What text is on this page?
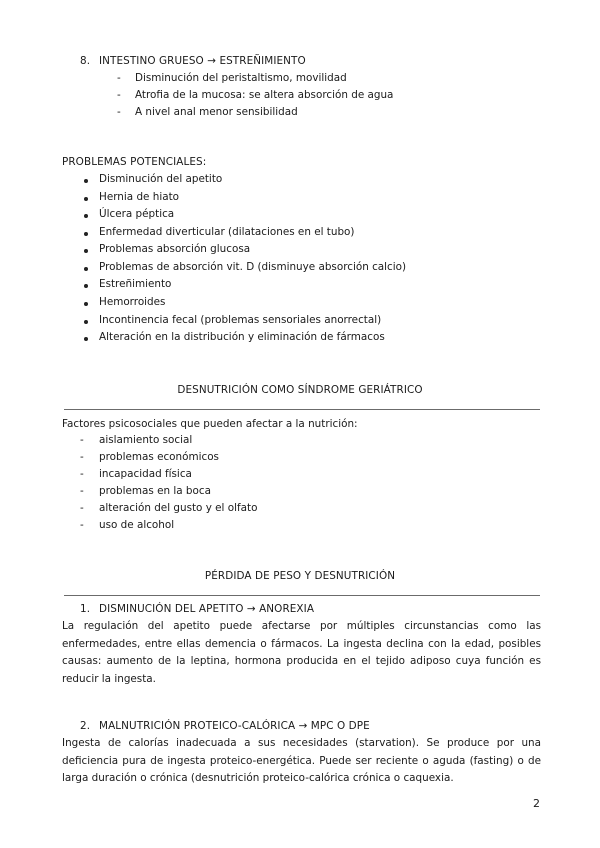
8. INTESTINO GRUESO → ESTREÑIMIENTO
- Disminución del peristaltismo, movilidad
- Atrofia de la mucosa: se altera absorción de agua
- A nivel anal menor sensibilidad
PROBLEMAS POTENCIALES:
Disminución del apetito
Hernia de hiato
Úlcera péptica
Enfermedad diverticular (dilataciones en el tubo)
Problemas absorción glucosa
Problemas de absorción vit. D (disminuye absorción calcio)
Estreñimiento
Hemorroides
Incontinencia fecal (problemas sensoriales anorrectal)
Alteración en la distribución y eliminación de fármacos
DESNUTRICIÓN COMO SÍNDROME GERIÁTRICO
Factores psicosociales que pueden afectar a la nutrición:
- aislamiento social
- problemas económicos
- incapacidad física
- problemas en la boca
- alteración del gusto y el olfato
- uso de alcohol
PÉRDIDA DE PESO Y DESNUTRICIÓN
1. DISMINUCIÓN DEL APETITO → ANOREXIA
La regulación del apetito puede afectarse por múltiples circunstancias como las enfermedades, entre ellas demencia o fármacos. La ingesta declina con la edad, posibles causas: aumento de la leptina, hormona producida en el tejido adiposo cuya función es reducir la ingesta.
2. MALNUTRICIÓN PROTEICO-CALÓRICA → MPC O DPE
Ingesta de calorías inadecuada a sus necesidades (starvation). Se produce por una deficiencia pura de ingesta proteico-energética. Puede ser reciente o aguda (fasting) o de larga duración o crónica (desnutrición proteico-calórica crónica o caquexia.
2
